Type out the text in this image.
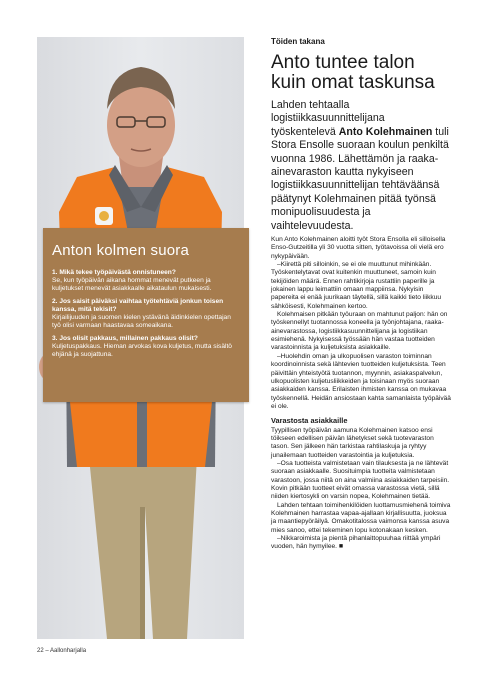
Anton kolmen suora

1. Mikä tekee työpäivästä onnistuneen?

Se, kun työpäivän aikana hommat menevät putkeen ja kuljetukset menevät asiakkaalle aikataulun mukaisesti.

2. Jos saisit päiväksi vaihtaa työtehtäviä jonkun toisen kanssa, mitä tekisit?

Kirjailijuuden ja suomen kielen ystävänä äidinkielen opettajan työ olisi varmaan haastavaa someaikana.

3. Jos olisit pakkaus, millainen pakkaus olisit?

Kuljetuspakkaus. Hieman arvokas kova kuljetus, mutta sisältö ehjänä ja suojattuna.

Töiden takana
Anto tuntee talon kuin omat taskunsa

Lahden tehtaalla logistiikkasuunnittelijana työskentelevä Anto Kolehmainen tuli Stora Ensolle suoraan koulun penkiltä vuonna 1986. Lähettämön ja raaka-ainevaraston kautta nykyiseen logistiikkasuunnittelijan tehtäväänsä päätynyt Kolehmainen pitää työnsä monipuolisuudesta ja vaihtelevuudesta.

Kun Anto Kolehmainen aloitti työt Stora Ensolla eli silloisella Enso-Gutzeitilla yli 30 vuotta sitten, työtavoissa oli vielä ero nykypäivään.

–Kiirettä piti silloinkin, se ei ole muuttunut mihinkään. Työskentelytavat ovat kuitenkin muuttuneet, samoin kuin tekijöiden määrä. Ennen rahtikirjoja rustattiin paperille ja jokainen lappu leimattiin omaan mappiinsa. Nykyisin papereita ei enää juurikaan täytellä, sillä kaikki tieto liikkuu sähköisesti, Kolehmainen kertoo.

Kolehmaisen pitkään työuraan on mahtunut paljon: hän on työskennellyt tuotannossa koneella ja työnjohtajana, raaka-ainevarastossa, logistiikkasuunnittelijana ja logistiikan esimiehenä. Nykyisessä työssään hän vastaa tuotteiden varastoinnista ja kuljetuksista asiakkaille.

–Huolehdin oman ja ulkopuolisen varaston toiminnan koordinoinnista sekä lähtevien tuotteiden kuljetuksista. Teen päivittäin yhteistyötä tuotannon, myynnin, asiakaspalvelun, ulkopuolisten kuljetusliikkeiden ja toisinaan myös suoraan asiakkaiden kanssa. Erilaisten ihmisten kanssa on mukavaa työskennellä. Heidän ansiostaan kahta samanlaista työpäivää ei ole.

Varastosta asiakkaille

Tyypillisen työpäivän aamuna Kolehmainen katsoo ensi töikseen edellisen päivän lähetykset sekä tuotevaraston tason. Sen jälkeen hän tarkistaa rahtilaskuja ja ryhtyy junailemaan tuotteiden varastointia ja kuljetuksia.

–Osa tuotteista valmistetaan vain tilauksesta ja ne lähtevät suoraan asiakkaalle. Suosituimpia tuotteita valmistetaan varastoon, jossa niitä on aina valmiina asiakkaiden tarpeisiin. Kovin pitkään tuotteet eivät omassa varastossa vietä, sillä niiden kiertosykli on varsin nopea, Kolehmainen tietää.

Lahden tehtaan toimihenkilöiden luottamusmiehenä toimiva Kolehmainen harrastaa vapaa-ajallaan kirjallisuutta, juoksua ja maantiepyöräilyä. Omakotitalossa vaimonsa kanssa asuva mies sanoo, ettei tekeminen lopu kotonakaan kesken.

–Nikkaroimista ja pientä pihanlaittopuuhaa riittää ympäri vuoden, hän hymyilee. ■

22 – Aallonharjalla
